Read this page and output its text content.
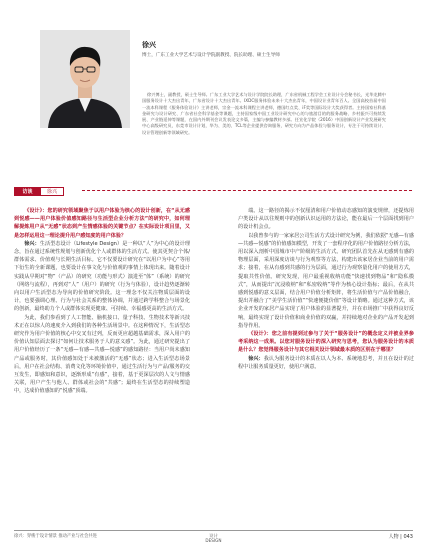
徐兴
博士，广东工业大学艺术与设计学院副教授、院长助理、硕士生导师
徐兴博士，副教授，硕士生导师。广东工业大学艺术与设计学院院长助理，广东省机械工程学会工业设计分会秘书长，光华龙腾中国服务设计十大杰出青年，广东省设计十大杰出青年。IXDC服务体验未来十大杰出青年，中国设计业青年百人。全国高校首届中国一流本科课程《服务体验设计》主讲老师，宗金一流本科课程主讲老师，德国红点奖、iF奖等国际设计大奖获得者。主持国家社科基金研究与设计研究、广东省社会科学基金等课题，主持国家级中国工业设计研究中心的与旅游目的的服务战略、乡村振兴可持续发展、产业链延伸等课题，在国内外期刊会议发表论文多篇，主编与参编教材多部。任宣化学院（2016）中国创新设计产业发展研究中心高级研究员，东莞市设计计划，华为、美的、TCL等企业提供咨询服务，研究方向为产品体验与服务设计，专注于可持续设计、设计管理创新等领域研究。
访谈	徐兴

《设计》：您的研究领域聚焦于以用户体验为核心的设计创新，在“从无感到悦感——用户体验价值感知路径与生活型企业分析方法”的研究中，如何理解提炼用户从“无感”状态到产生情感体验的关键节点？在实际设计项目里，又是怎样运用这一理论提升用户感知度的用户体验？

徐兴：生活型态设计（Lifestyle Design）是一种以“人”为中心的设计理念，旨在通过系统性规划与创新优化个人或群体的生活方式。使其更契合个体/群体需求、价值观与长期生活目标。它不仅要设计研究在“以用户为中心”等用下衍生的全新课题，也要设计在事文化与价值观的事情上体现出来。随着设计实践从早期对“物”（产品）的研究（功能与形式）演进至“体”（系统）的研究（网络与流程），再到对“人”（用户）的研究（行为与体验），设计趋势逐渐转向以用户生活型态为导向的价值研究阶段。这一理念不仅关注物质层面的设计，也要强调心理、行为与社会关系的整体协调，并通过跨学科整合与场景化的创新，最终助力个人或群体实现更健康、可持续、幸福感更高的生活方式。

为此，我们参看到了人工智能、脑机接口、量子科技、生物技术等新兴技术正在以惊人的速度介入到我们的各种生活场景中。在这种情况下，生活型态研究作为用户价值的核心中交叉有过列，反而更应超越基础需求，深入用户的价值认知层面去探讨“如何让技术服务于人的意义感”。为此，通过研究提出了用户价值经历了一条“无感—有感—共感—悦感”的感知路径：当用户尚未感知产品或服务时，其价值感知处于未被激活的“无感”状态；进入生活型态场景后，用户在社会结构、消费文化等环境价值中，通过生活行为与产品/服务的交互发生，即感知和意识，逐渐形成“有感”，接着，基于更深层次的人文与情感关联，用户产生与他人、群体或社会的“共感”；最终在生活型态的持续塑造中，达成价值感知的“悦感”顶端。

端。这一路径的揭示不仅厘清和用户价值动态感知的演变规律，还提炼用户类设计从以往规则中的创新认识运用的方法论，能在最后一个层面找到用户的设计机会点。

以我曾参与的一家家居公司生活方式设计研究为例，我们依据“无感—有感—共感—悦感”的价值感知模型，开发了一套程序化的用户价值路径分析方法，用以深入剖析中国城市中产阶级的生活方式。研究团队首先在从无感到有感的物理层面，采用深度访谈与行为观察等方法，构建出该家居企业当前的用户需求；接着，在从有感到共感的行为层面，通过行为观察量化用户的使用方式，提取共性价值。研究发现，用户最重视收纳功能“快速找到物品”和“隐私模式”，从而提出“沉浸收纳”和“私密收纳”等作为核心设计指标；最后，在从共感到悦感的意义层面，结合用户价值分析矩阵，将生活价值与产品价值融合，提出并融合了“美学生活价值”“快速便捷价值”等设计策略。通过这种方式，该企业开发的家居产品实现了用户体验的显著提升，并在市场推广中获得良好反响，最终实现了设计价值和商业价值的双赢，并持续地对企业的产品开发起到指导作用。

《设计》：您之前有提到过参与了关于“服务设计”的概念定义并被业界参考采纳这一成果。以您对服务设计的深入研究与思考，您认为服务设计的本质是什么？您觉得服务设计与其它相关设计领域最本质的区别在于哪里？

徐兴：我认为服务设计的本质在以人为本、系统地思考，并且在设计的过程中让服务质量更好，使用户满意。

徐兴：穿梭于设计情景 推动产业与社会共进	设计
DESIGN
人物 | 043
